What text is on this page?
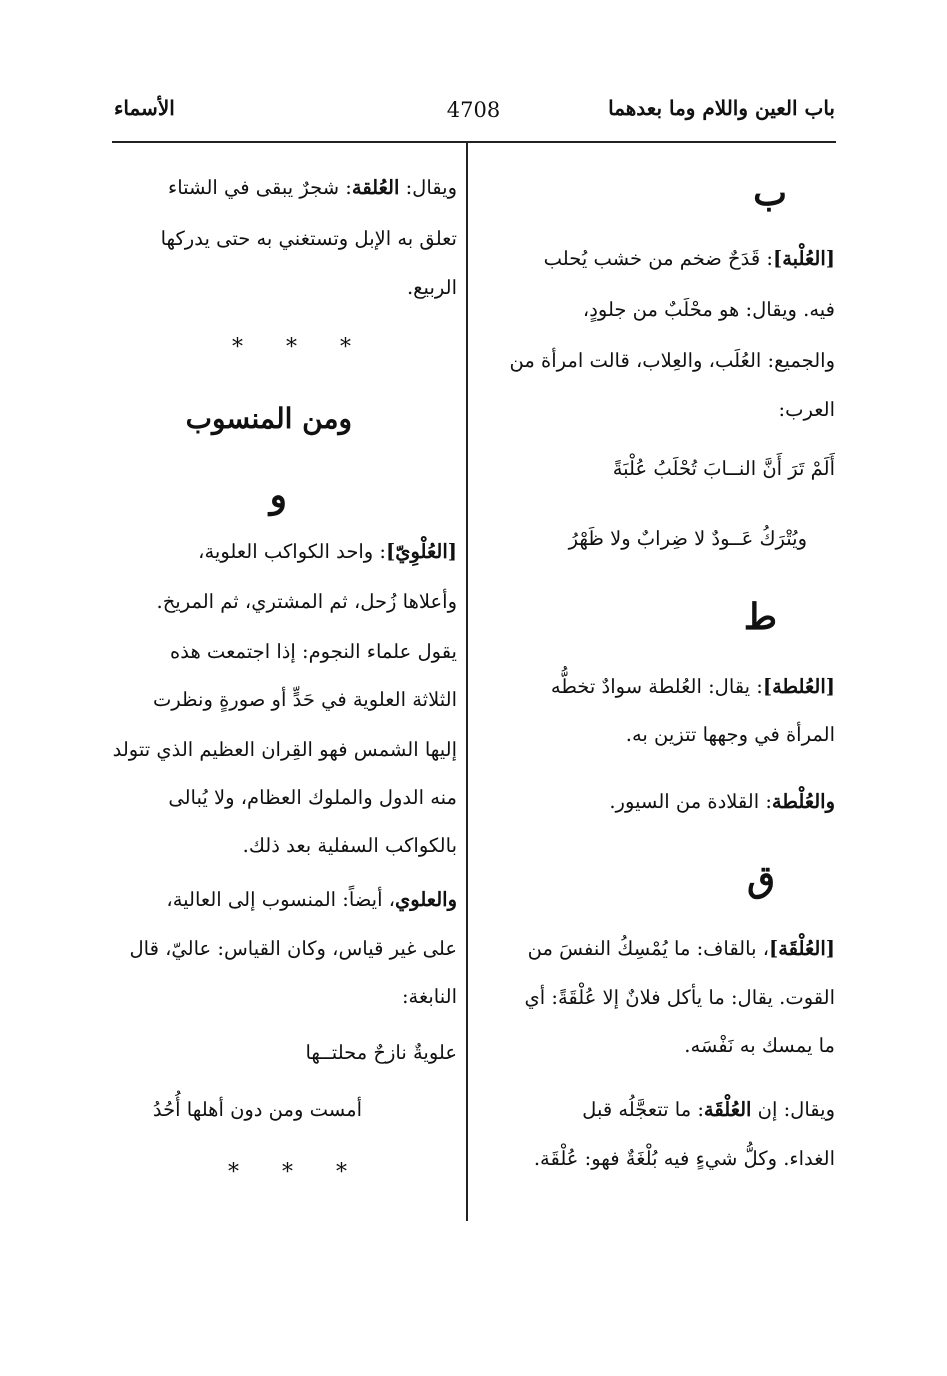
باب العين واللام وما بعدهما
4708
الأسماء
ب
[العُلْبة]: قَدَحٌ ضخم من خشب يُحلب
فيه. ويقال: هو محْلَبٌ من جلودٍ،
والجميع: العُلَب، والعِلاب، قالت امرأة من
العرب:
أَلَمْ تَرَ أَنَّ النــابَ تُحْلَبُ عُلْبَةً
ويُتْرَكُ عَــودٌ لا ضِرابٌ ولا ظَهْرُ
ط
[العُلطة]: يقال: العُلطة سوادٌ تخطُّه
المرأة في وجهها تتزين به.
والعُلْطة: القلادة من السيور.
ق
[العُلْقَة]، بالقاف: ما يُمْسِكُ النفسَ من
القوت. يقال: ما يأكل فلانٌ إلا عُلْقَةً: أي
ما يمسك به نَفْسَه.
ويقال: إن العُلْقَة: ما تتعجَّلُه قبل
الغداء. وكلُّ شيءٍ فيه بُلْغَةٌ فهو: عُلْقَة.
ويقال: العُلقة: شجرٌ يبقى في الشتاء
تعلق به الإبل وتستغني به حتى يدركها
الربيع.
* * *
ومن المنسوب
و
[العُلْوِيّ]: واحد الكواكب العلوية،
وأعلاها زُحل، ثم المشتري، ثم المريخ.
يقول علماء النجوم: إذا اجتمعت هذه
الثلاثة العلوية في حَدٍّ أو صورةٍ ونظرت
إليها الشمس فهو القِران العظيم الذي تتولد
منه الدول والملوك العظام، ولا يُبالى
بالكواكب السفلية بعد ذلك.
والعلوي، أيضاً: المنسوب إلى العالية،
على غير قياس، وكان القياس: عاليّ، قال
النابغة:
علويةٌ نازحٌ محلتــها
أمست ومن دون أهلها أُحُدُ
* * *
